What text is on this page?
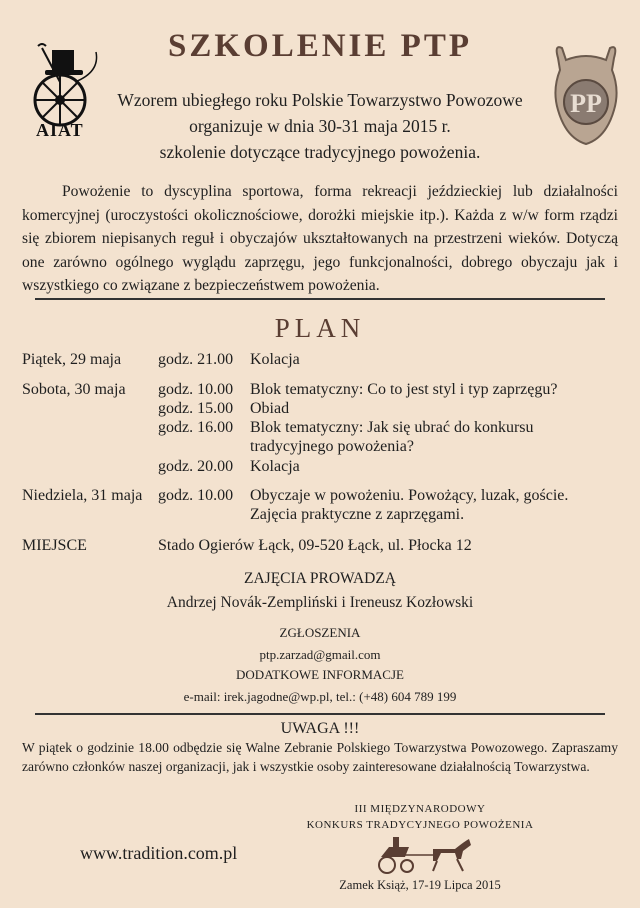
AIAT
SZKOLENIE PTP
PP
Wzorem ubiegłego roku Polskie Towarzystwo Powozowe
organizuje w dnia 30-31 maja 2015 r.
szkolenie dotyczące tradycyjnego powożenia.
Powożenie to dyscyplina sportowa, forma rekreacji jeździeckiej lub działalności komercyjnej (uroczystości okolicznościowe, dorożki miejskie itp.). Każda z w/w form rządzi się zbiorem niepisanych reguł i obyczajów ukształtowanych na przestrzeni wieków. Dotyczą one zarówno ogólnego wyglądu zaprzęgu, jego funkcjonalności, dobrego obyczaju jak i wszystkiego co związane z bezpieczeństwem powożenia.
PLAN
Piątek, 29 maja godz. 21.00 Kolacja
Sobota, 30 maja godz. 10.00 Blok tematyczny: Co to jest styl i typ zaprzęgu?
godz. 15.00 Obiad
godz. 16.00 Blok tematyczny: Jak się ubrać do konkursu
tradycyjnego powożenia?
godz. 20.00 Kolacja
Niedziela, 31 maja godz. 10.00 Obyczaje w powożeniu. Powożący, luzak, goście.
Zajęcia praktyczne z zaprzęgami.
MIEJSCE	Stado Ogierów Łąck, 09-520 Łąck, ul. Płocka 12
ZAJĘCIA PROWADZĄ
Andrzej Novák-Zempliński i Ireneusz Kozłowski
ZGŁOSZENIA
ptp.zarzad@gmail.com
DODATKOWE INFORMACJE
e-mail: irek.jagodne@wp.pl, tel.: (+48) 604 789 199
UWAGA !!!
W piątek o godzinie 18.00 odbędzie się Walne Zebranie Polskiego Towarzystwa Powozowego. Zapraszamy zarówno członków naszej organizacji, jak i wszystkie osoby zainteresowane działalnością Towarzystwa.
www.tradition.com.pl
III MIĘDZYNARODOWY
KONKURS TRADYCYJNEGO POWOŻENIA
Zamek Książ, 17-19 Lipca 2015
